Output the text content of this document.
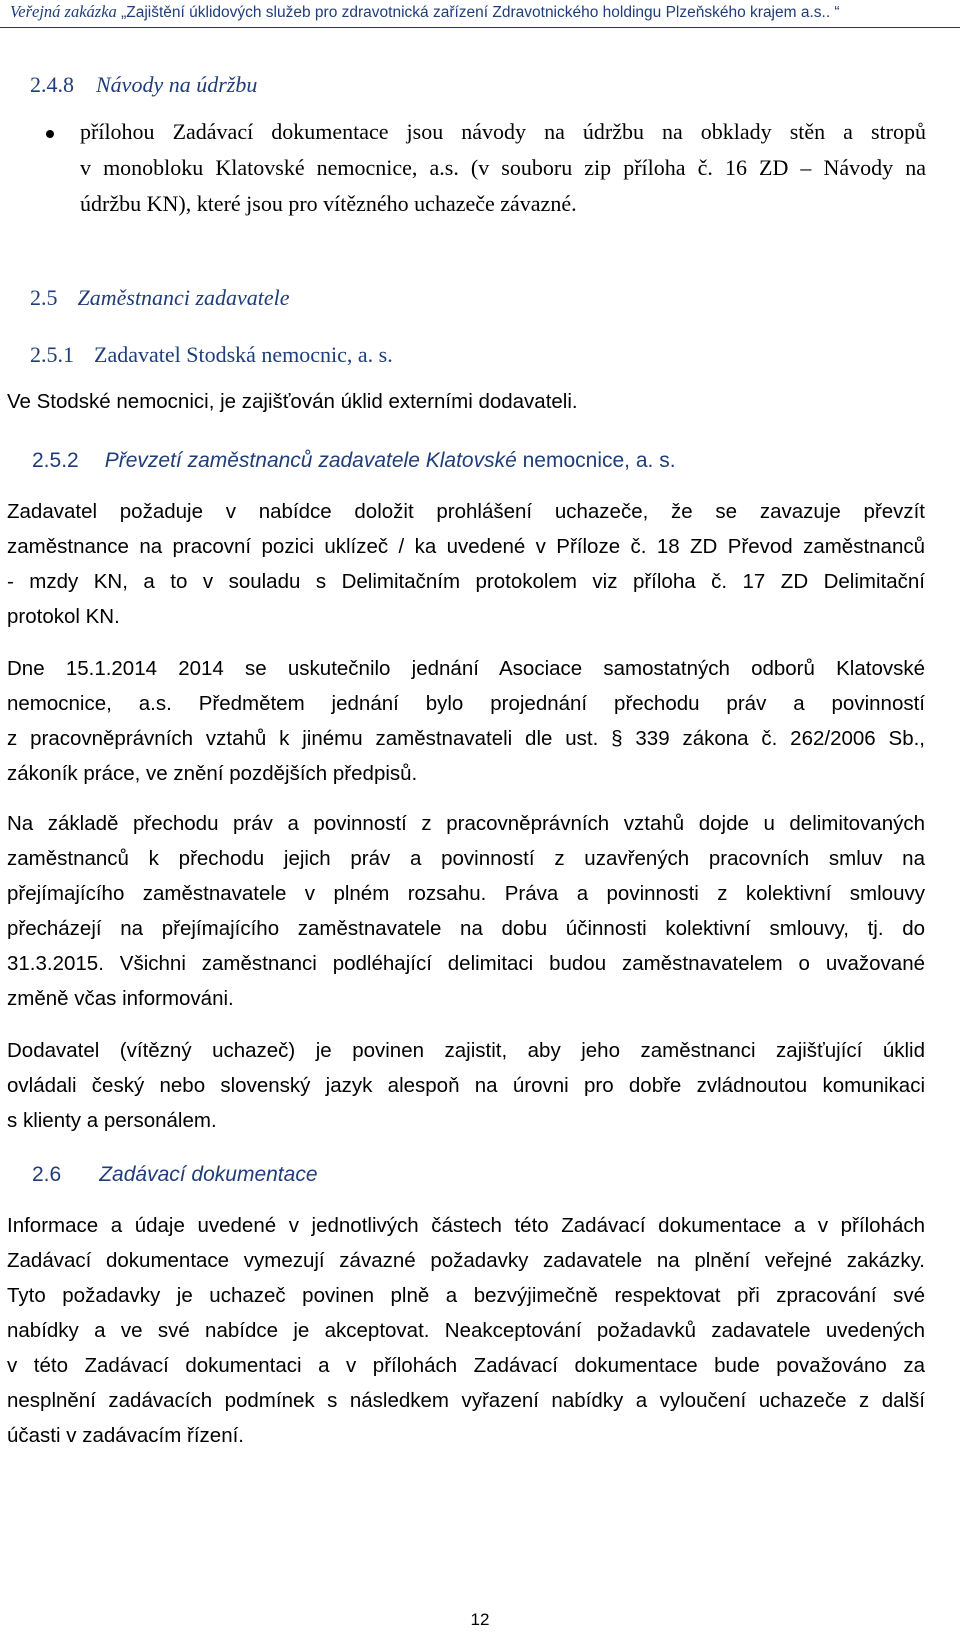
Veřejná zakázka „Zajištění úklidových služeb pro zdravotnická zařízení Zdravotnického holdingu Plzeňského krajem a.s.. “
2.4.8 Návody na údržbu
přílohou Zadávací dokumentace jsou návody na údržbu na obklady stěn a stropů
v monobloku Klatovské nemocnice, a.s. (v souboru zip příloha č. 16 ZD – Návody na
údržbu KN), které jsou pro vítězného uchazeče závazné.
2.5 Zaměstnanci zadavatele
2.5.1 Zadavatel Stodská nemocnic, a. s.
Ve Stodské nemocnici, je zajišťován úklid externími dodavateli.
2.5.2 Převzetí zaměstnanců zadavatele Klatovské nemocnice, a. s.
Zadavatel požaduje v nabídce doložit prohlášení uchazeče, že se zavazuje převzít
zaměstnance na pracovní pozici uklízeč / ka uvedené v Příloze č. 18 ZD Převod zaměstnanců
- mzdy KN, a to v souladu s Delimitačním protokolem viz příloha č. 17 ZD Delimitační
protokol KN.
Dne 15.1.2014 2014 se uskutečnilo jednání Asociace samostatných odborů Klatovské
nemocnice, a.s. Předmětem jednání bylo projednání přechodu práv a povinností
z pracovněprávních vztahů k jinému zaměstnavateli dle ust. § 339 zákona č. 262/2006 Sb.,
zákoník práce, ve znění pozdějších předpisů.
Na základě přechodu práv a povinností z pracovněprávních vztahů dojde u delimitovaných
zaměstnanců k přechodu jejich práv a povinností z uzavřených pracovních smluv na
přejímajícího zaměstnavatele v plném rozsahu. Práva a povinnosti z kolektivní smlouvy
přecházejí na přejímajícího zaměstnavatele na dobu účinnosti kolektivní smlouvy, tj. do
31.3.2015. Všichni zaměstnanci podléhající delimitaci budou zaměstnavatelem o uvažované
změně včas informováni.
Dodavatel (vítězný uchazeč) je povinen zajistit, aby jeho zaměstnanci zajišťující úklid
ovládali český nebo slovenský jazyk alespoň na úrovni pro dobře zvládnoutou komunikaci
s klienty a personálem.
2.6 Zadávací dokumentace
Informace a údaje uvedené v jednotlivých částech této Zadávací dokumentace a v přílohách
Zadávací dokumentace vymezují závazné požadavky zadavatele na plnění veřejné zakázky.
Tyto požadavky je uchazeč povinen plně a bezvýjimečně respektovat při zpracování své
nabídky a ve své nabídce je akceptovat. Neakceptování požadavků zadavatele uvedených
v této Zadávací dokumentaci a v přílohách Zadávací dokumentace bude považováno za
nesplnění zadávacích podmínek s následkem vyřazení nabídky a vyloučení uchazeče z další
účasti v zadávacím řízení.
12
